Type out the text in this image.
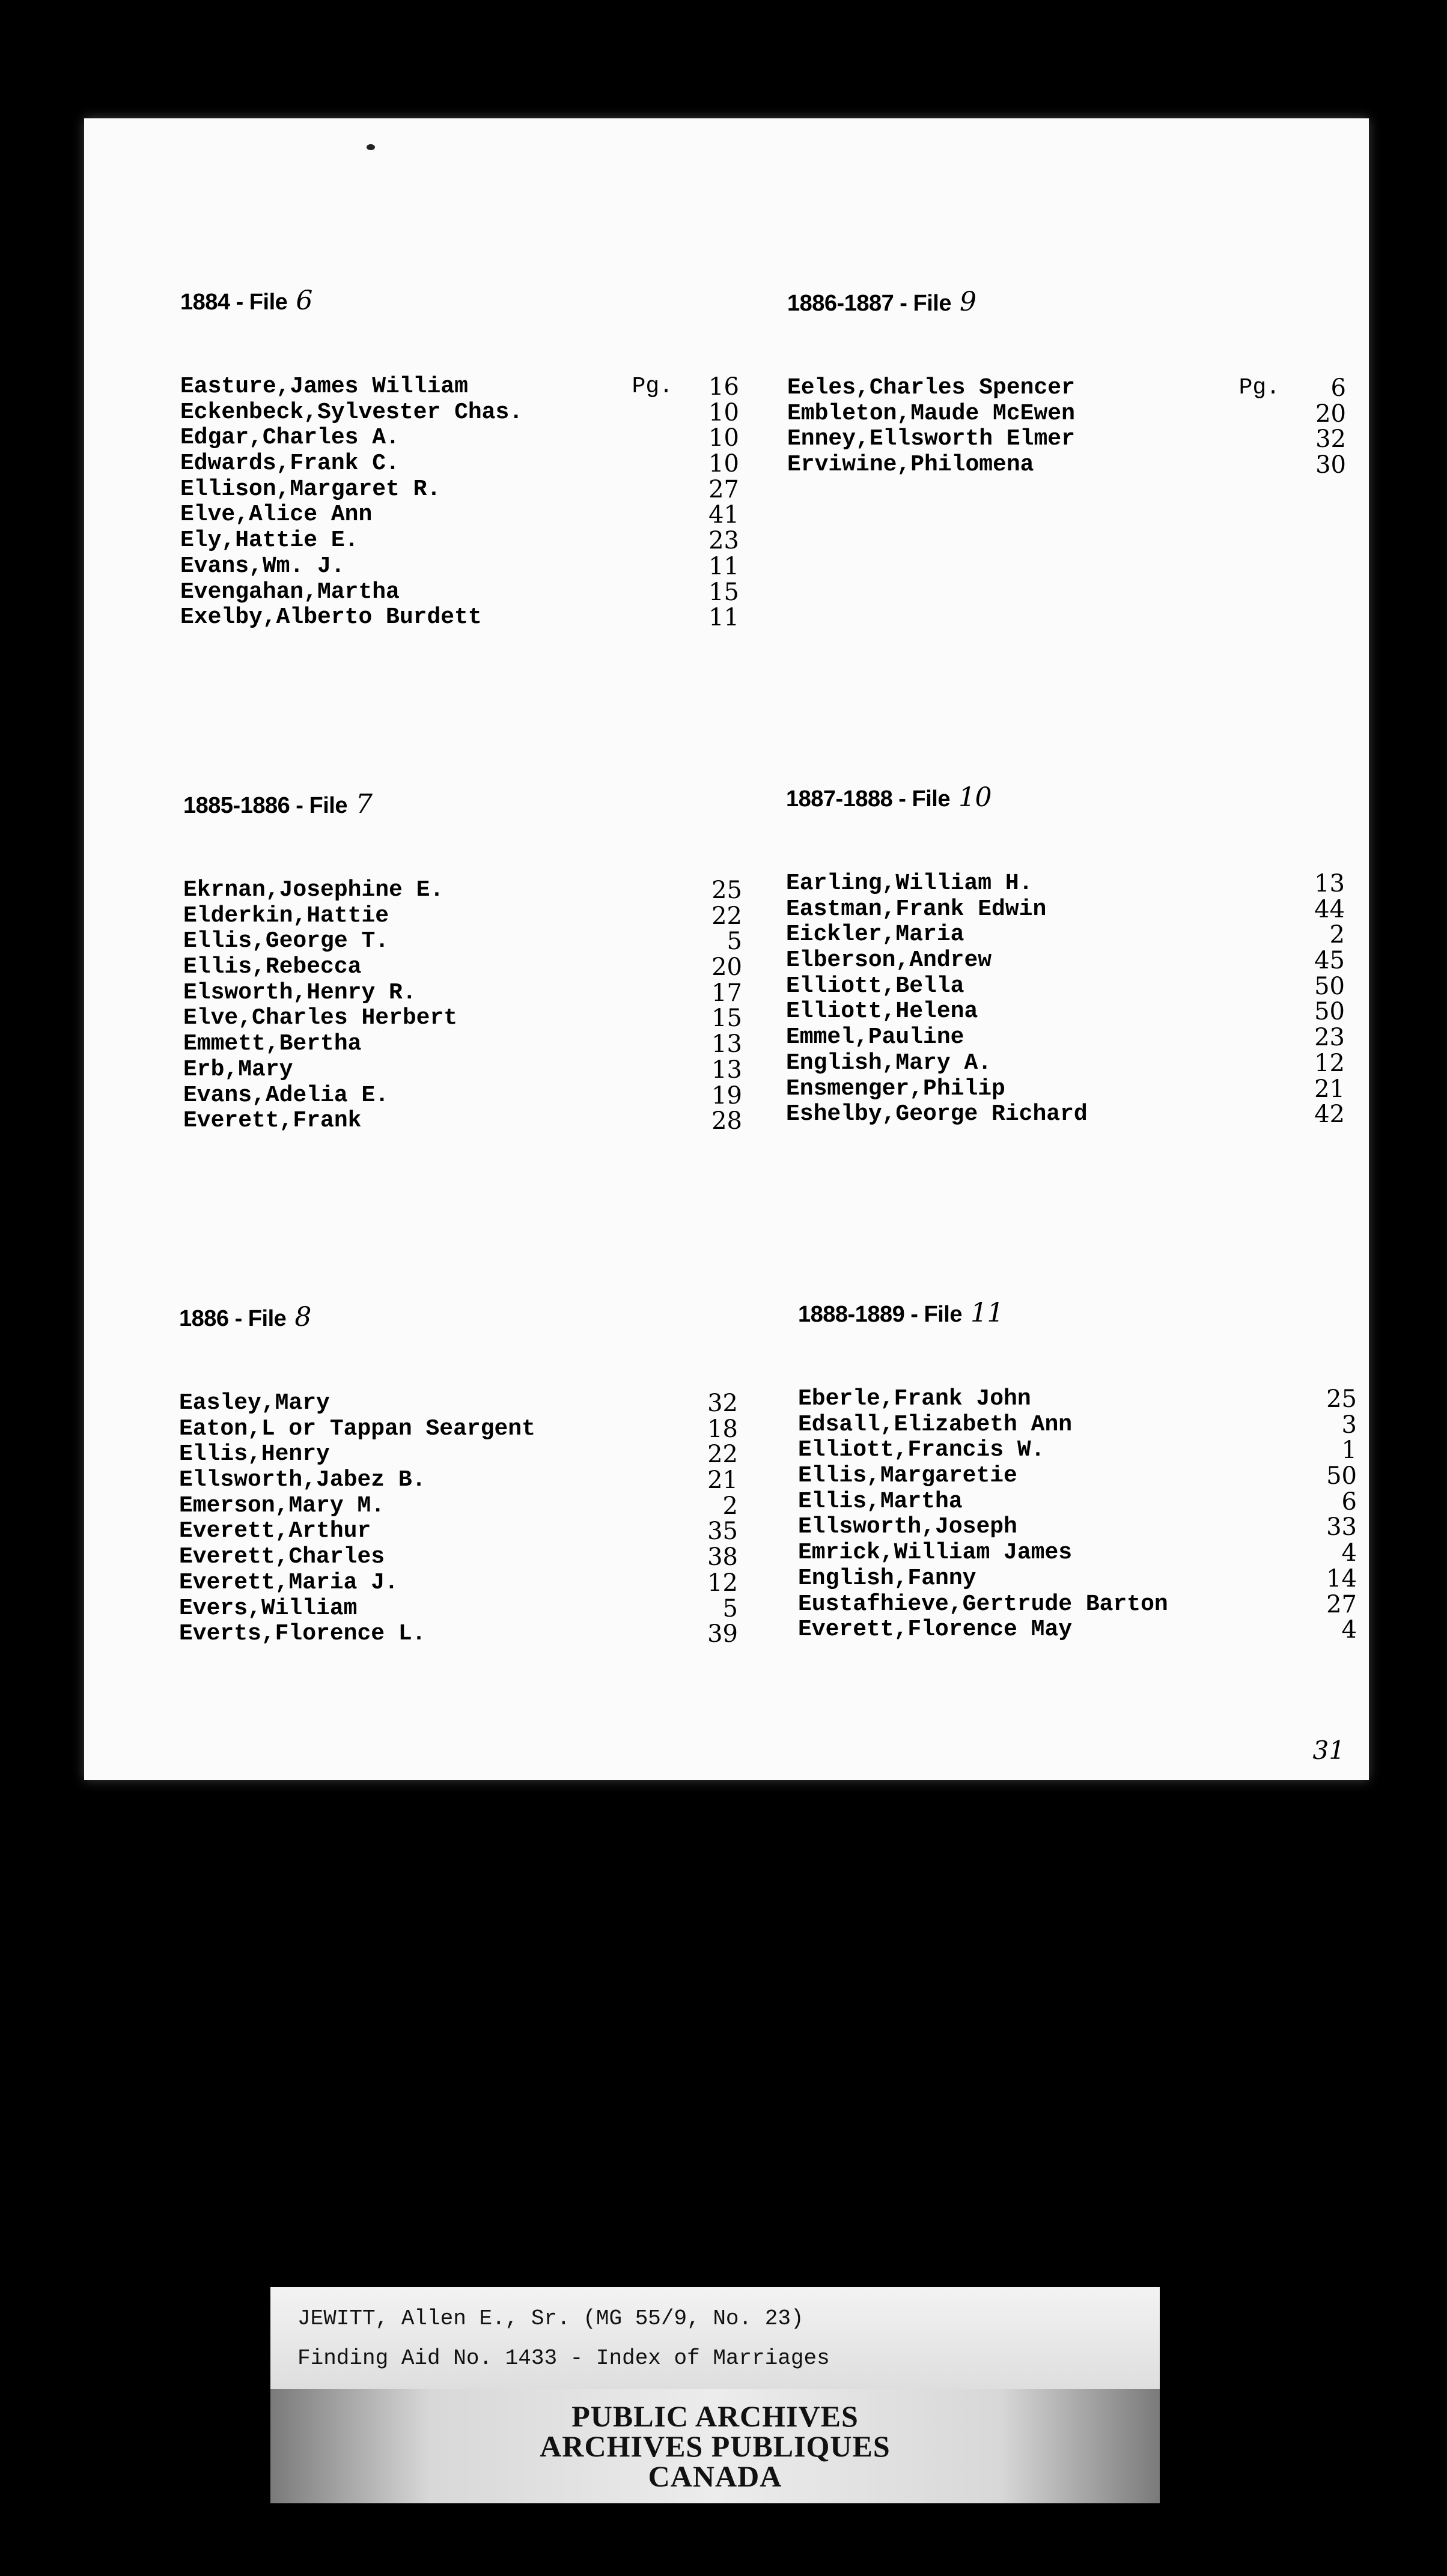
1884 - File 6
Easture,James William	Pg.	16
Eckenbeck,Sylvester Chas.	10
Edgar,Charles A.	10
Edwards,Frank C.	10
Ellison,Margaret R.	27
Elve,Alice Ann	41
Ely,Hattie E.	23
Evans,Wm. J.	11
Evengahan,Martha	15
Exelby,Alberto Burdett	11
1886-1887 - File 9
Eeles,Charles Spencer	Pg.	6
Embleton,Maude McEwen	20
Enney,Ellsworth Elmer	32
Erviwine,Philomena	30
1885-1886 - File 7
Ekrnan,Josephine E.	25
Elderkin,Hattie	22
Ellis,George T.	5
Ellis,Rebecca	20
Elsworth,Henry R.	17
Elve,Charles Herbert	15
Emmett,Bertha	13
Erb,Mary	13
Evans,Adelia E.	19
Everett,Frank	28
1887-1888 - File 10
Earling,William H.	13
Eastman,Frank Edwin	44
Eickler,Maria	2
Elberson,Andrew	45
Elliott,Bella	50
Elliott,Helena	50
Emmel,Pauline	23
English,Mary A.	12
Ensmenger,Philip	21
Eshelby,George Richard	42
1886 - File 8
Easley,Mary	32
Eaton,L or Tappan Seargent	18
Ellis,Henry	22
Ellsworth,Jabez B.	21
Emerson,Mary M.	2
Everett,Arthur	35
Everett,Charles	38
Everett,Maria J.	12
Evers,William	5
Everts,Florence L.	39
1888-1889 - File 11
Eberle,Frank John	25
Edsall,Elizabeth Ann	3
Elliott,Francis W.	1
Ellis,Margaretie	50
Ellis,Martha	6
Ellsworth,Joseph	33
Emrick,William James	4
English,Fanny	14
Eustafhieve,Gertrude Barton	27
Everett,Florence May	4
31
JEWITT, Allen E., Sr. (MG 55/9, No. 23)
Finding Aid No. 1433 - Index of Marriages
PUBLIC ARCHIVES
ARCHIVES PUBLIQUES
CANADA
